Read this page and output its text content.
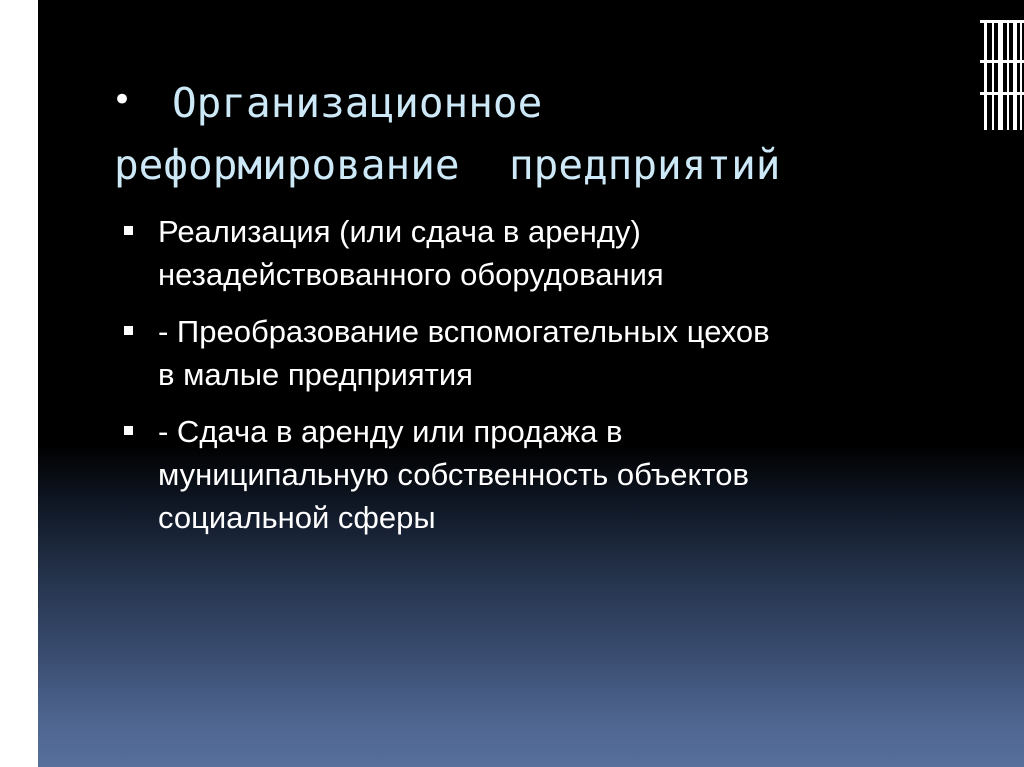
• Организационное
реформирование  предприятий
Реализация (или сдача в аренду)
незадействованного оборудования
- Преобразование вспомогательных цехов
в малые предприятия
- Сдача в аренду или продажа в
муниципальную собственность объектов
социальной сферы
